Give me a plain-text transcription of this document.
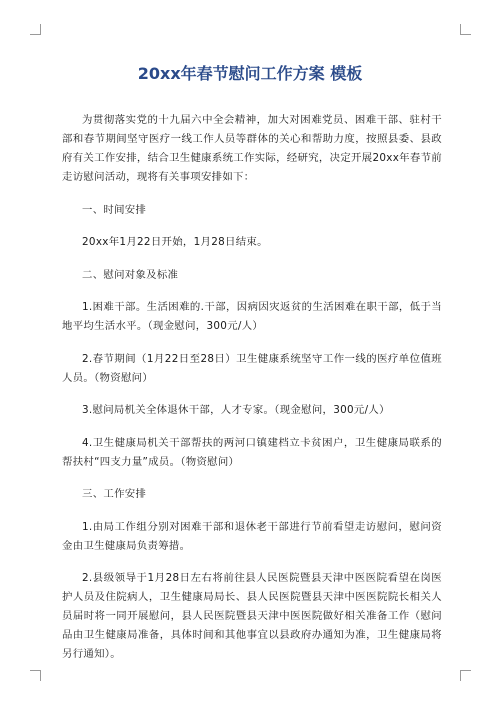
20xx年春节慰问工作方案 模板

为贯彻落实党的十九届六中全会精神，加大对困难党员、困难干部、驻村干部和春节期间坚守医疗一线工作人员等群体的关心和帮助力度，按照县委、县政府有关工作安排，结合卫生健康系统工作实际，经研究，决定开展20xx年春节前走访慰问活动，现将有关事项安排如下：

一、时间安排

20xx年1月22日开始，1月28日结束。

二、慰问对象及标准

1.困难干部。生活困难的.干部，因病因灾返贫的生活困难在职干部，低于当地平均生活水平。（现金慰问，300元/人）

2.春节期间（1月22日至28日）卫生健康系统坚守工作一线的医疗单位值班人员。（物资慰问）

3.慰问局机关全体退休干部，人才专家。（现金慰问，300元/人）

4.卫生健康局机关干部帮扶的两河口镇建档立卡贫困户，卫生健康局联系的帮扶村“四支力量”成员。（物资慰问）

三、工作安排

1.由局工作组分别对困难干部和退休老干部进行节前看望走访慰问，慰问资金由卫生健康局负责筹措。

2.县级领导于1月28日左右将前往县人民医院暨县天津中医医院看望在岗医护人员及住院病人，卫生健康局局长、县人民医院暨县天津中医医院院长相关人员届时将一同开展慰问，县人民医院暨县天津中医医院做好相关准备工作（慰问品由卫生健康局准备，具体时间和其他事宜以县政府办通知为准，卫生健康局将另行通知）。
